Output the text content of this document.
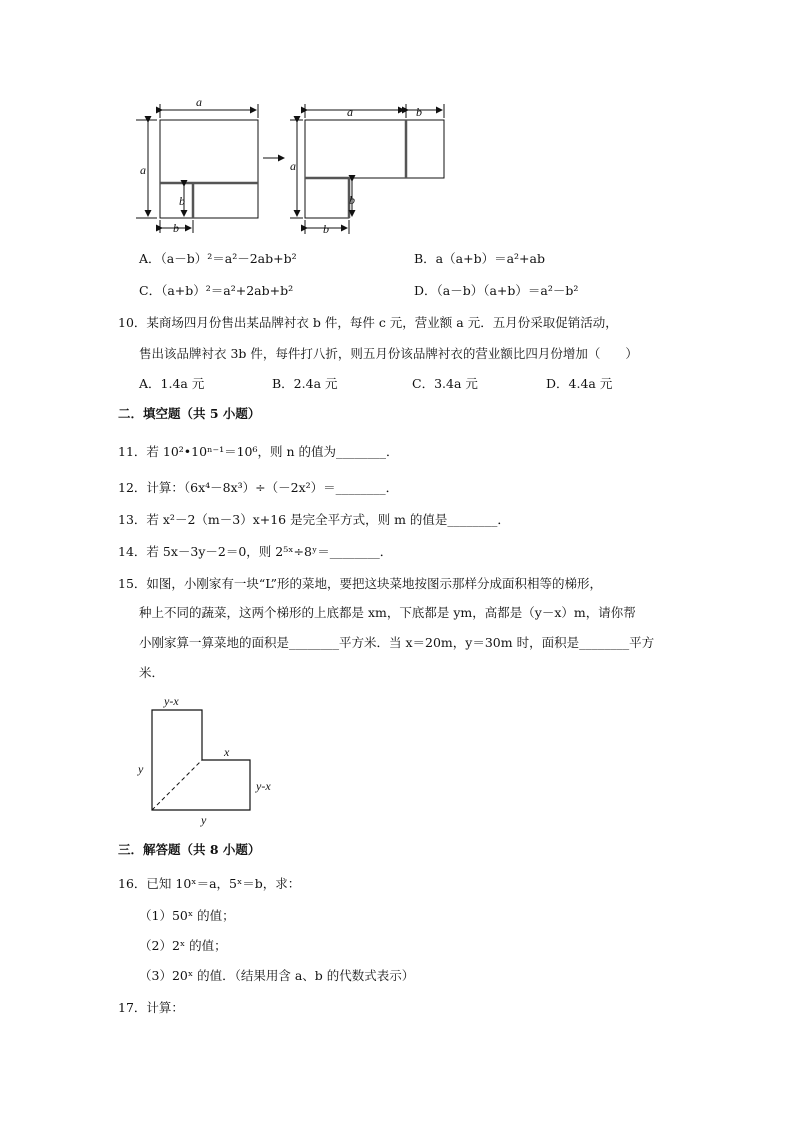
a
a
b
b
a	b
a
b
b
A．（a－b）²＝a²－2ab+b²	B．a（a+b）＝a²+ab
C．（a+b）²＝a²+2ab+b²	D．（a－b）（a+b）＝a²－b²
10．某商场四月份售出某品牌衬衣 b 件，每件 c 元，营业额 a 元．五月份采取促销活动，
售出该品牌衬衣 3b 件，每件打八折，则五月份该品牌衬衣的营业额比四月份增加（　　）
A．1.4a 元	B．2.4a 元	C．3.4a 元	D．4.4a 元
二．填空题（共 5 小题）
11．若 10²•10ⁿ⁻¹＝10⁶，则 n 的值为________．
12．计算：（6x⁴－8x³）÷（－2x²）＝________．
13．若 x²－2（m－3）x+16 是完全平方式，则 m 的值是________．
14．若 5x－3y－2＝0，则 2⁵ˣ÷8ʸ＝________．
15．如图，小刚家有一块“L”形的菜地，要把这块菜地按图示那样分成面积相等的梯形，
种上不同的蔬菜，这两个梯形的上底都是 xm，下底都是 ym，高都是（y－x）m，请你帮
小刚家算一算菜地的面积是________平方米．当 x＝20m，y＝30m 时，面积是________平方
米．
y-x
y
x
y-x
y
三．解答题（共 8 小题）
16．已知 10ˣ＝a，5ˣ＝b，求：
（1）50ˣ 的值；
（2）2ˣ 的值；
（3）20ˣ 的值．（结果用含 a、b 的代数式表示）
17．计算：
